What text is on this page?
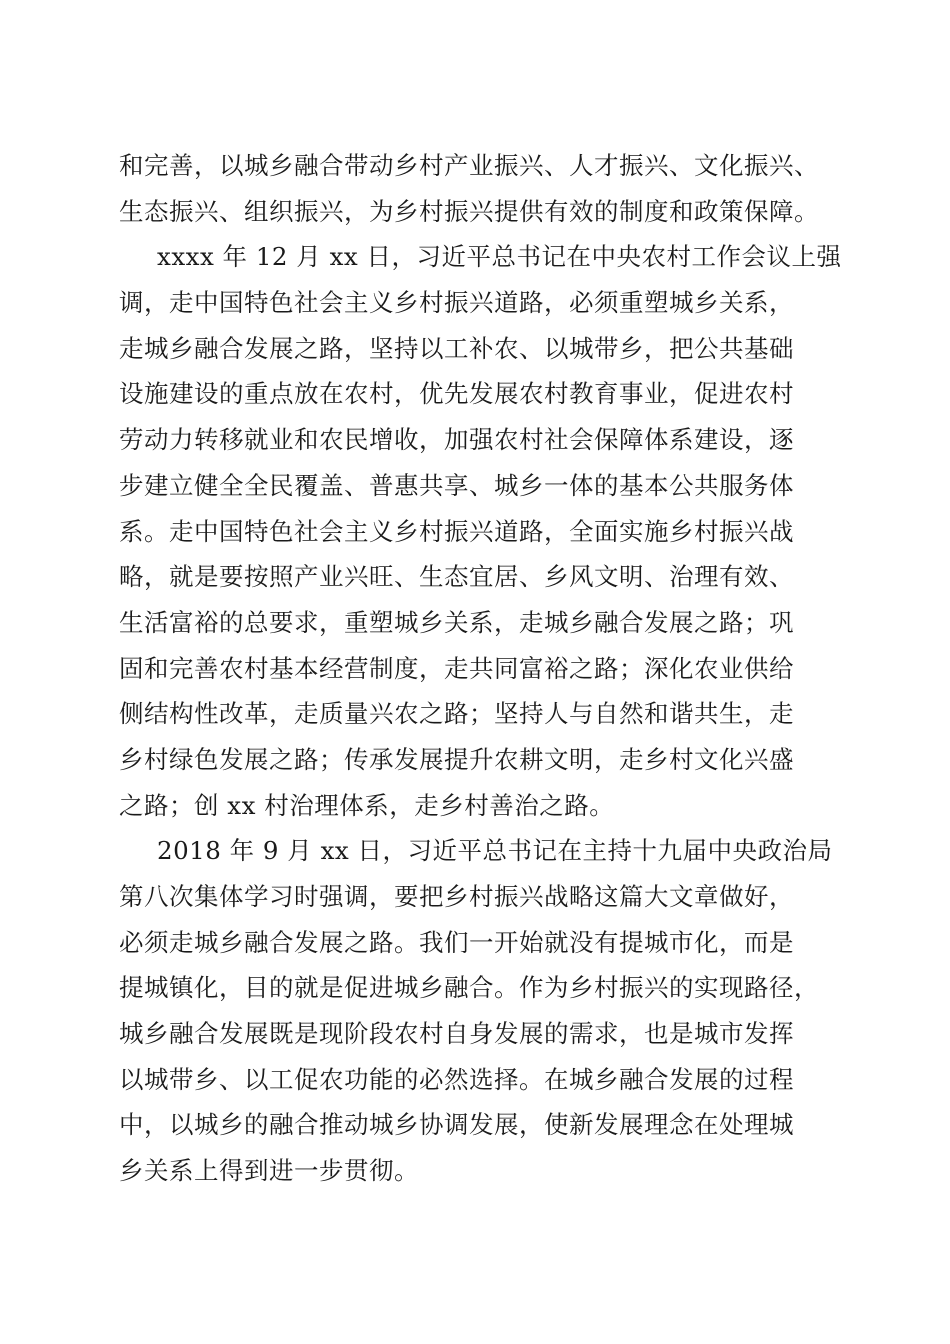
和完善，以城乡融合带动乡村产业振兴、人才振兴、文化振兴、
生态振兴、组织振兴，为乡村振兴提供有效的制度和政策保障。
xxxx 年 12 月 xx 日，习近平总书记在中央农村工作会议上强
调，走中国特色社会主义乡村振兴道路，必须重塑城乡关系，
走城乡融合发展之路，坚持以工补农、以城带乡，把公共基础
设施建设的重点放在农村，优先发展农村教育事业，促进农村
劳动力转移就业和农民增收，加强农村社会保障体系建设，逐
步建立健全全民覆盖、普惠共享、城乡一体的基本公共服务体
系。走中国特色社会主义乡村振兴道路，全面实施乡村振兴战
略，就是要按照产业兴旺、生态宜居、乡风文明、治理有效、
生活富裕的总要求，重塑城乡关系，走城乡融合发展之路；巩
固和完善农村基本经营制度，走共同富裕之路；深化农业供给
侧结构性改革，走质量兴农之路；坚持人与自然和谐共生，走
乡村绿色发展之路；传承发展提升农耕文明，走乡村文化兴盛
之路；创 xx 村治理体系，走乡村善治之路。
2018 年 9 月 xx 日，习近平总书记在主持十九届中央政治局
第八次集体学习时强调，要把乡村振兴战略这篇大文章做好，
必须走城乡融合发展之路。我们一开始就没有提城市化，而是
提城镇化，目的就是促进城乡融合。作为乡村振兴的实现路径，
城乡融合发展既是现阶段农村自身发展的需求，也是城市发挥
以城带乡、以工促农功能的必然选择。在城乡融合发展的过程
中，以城乡的融合推动城乡协调发展，使新发展理念在处理城
乡关系上得到进一步贯彻。
